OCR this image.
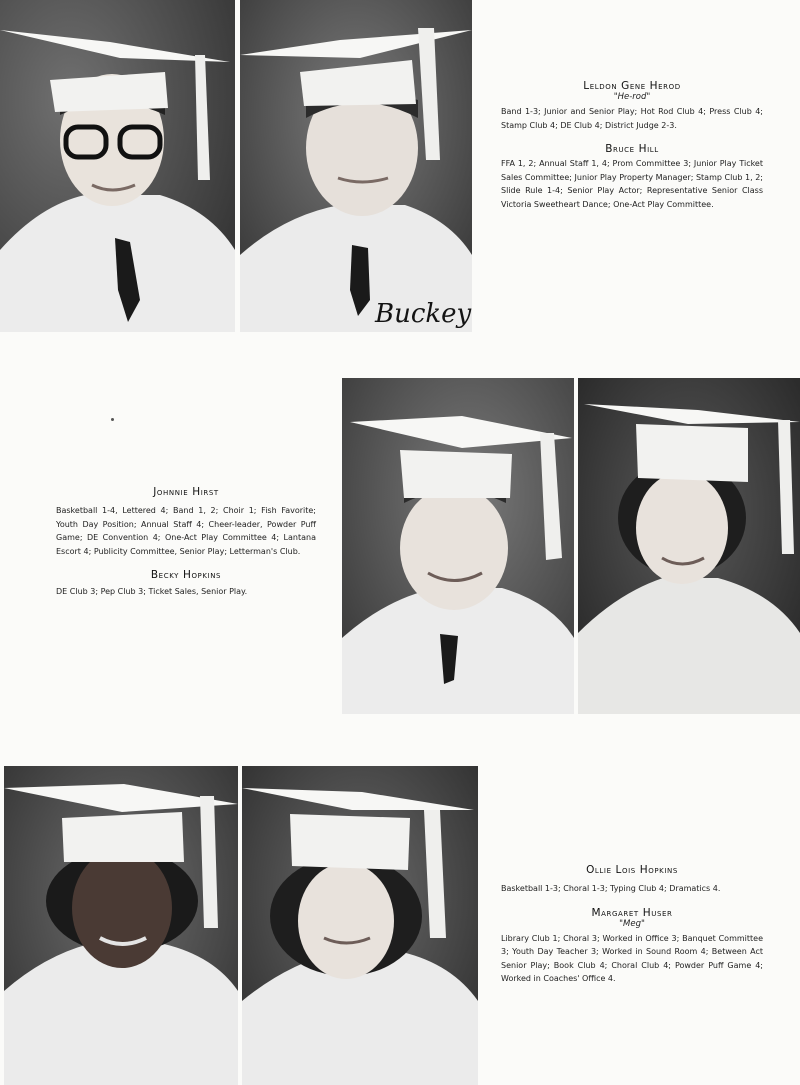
Buckey

Leldon Gene Herod

"He-rod"

Band 1-3; Junior and Senior Play; Hot Rod Club 4; Press Club 4; Stamp Club 4; DE Club 4; District Judge 2-3.

Bruce Hill

FFA 1, 2; Annual Staff 1, 4; Prom Committee 3; Junior Play Ticket Sales Committee; Junior Play Property Manager; Stamp Club 1, 2; Slide Rule 1-4; Senior Play Actor; Representative Senior Class Victoria Sweetheart Dance; One-Act Play Committee.

Johnnie Hirst

Basketball 1-4, Lettered 4; Band 1, 2; Choir 1; Fish Favorite; Youth Day Position; Annual Staff 4; Cheer-leader, Powder Puff Game; DE Convention 4; One-Act Play Committee 4; Lantana Escort 4; Publicity Committee, Senior Play; Letterman's Club.

Becky Hopkins

DE Club 3; Pep Club 3; Ticket Sales, Senior Play.

Ollie Lois Hopkins

Basketball 1-3; Choral 1-3; Typing Club 4; Dramatics 4.

Margaret Huser

"Meg"

Library Club 1; Choral 3; Worked in Office 3; Banquet Committee 3; Youth Day Teacher 3; Worked in Sound Room 4; Between Act Senior Play; Book Club 4; Choral Club 4; Powder Puff Game 4; Worked in Coaches' Office 4.
